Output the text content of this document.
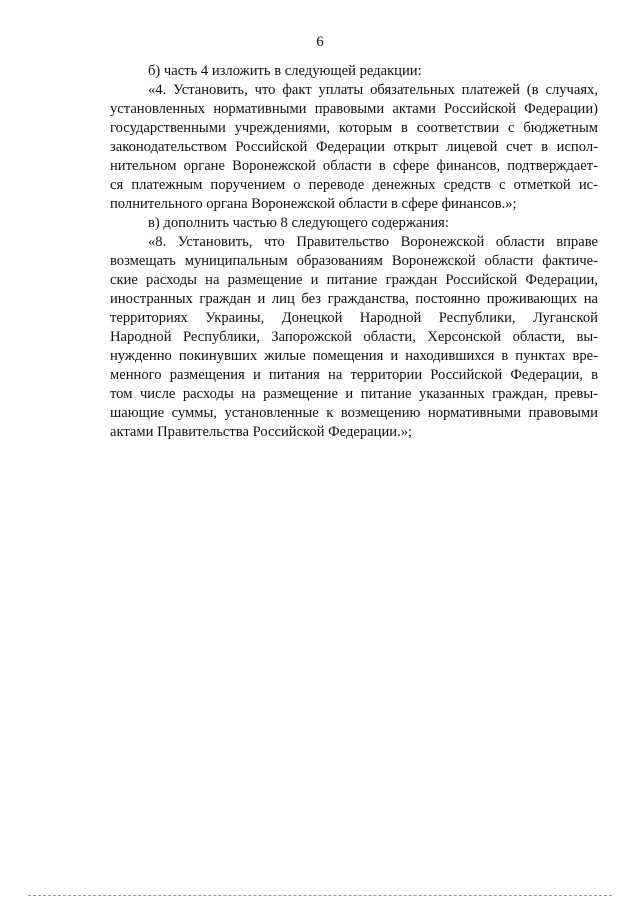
6
б) часть 4 изложить в следующей редакции:
«4. Установить, что факт уплаты обязательных платежей (в случаях,
установленных нормативными правовыми актами Российской Федерации)
государственными учреждениями, которым в соответствии с бюджетным
законодательством Российской Федерации открыт лицевой счет в испол-
нительном органе Воронежской области в сфере финансов, подтверждает-
ся платежным поручением о переводе денежных средств с отметкой ис-
полнительного органа Воронежской области в сфере финансов.»;
в) дополнить частью 8 следующего содержания:
«8. Установить, что Правительство Воронежской области вправе
возмещать муниципальным образованиям Воронежской области фактиче-
ские расходы на размещение и питание граждан Российской Федерации,
иностранных граждан и лиц без гражданства, постоянно проживающих на
территориях Украины, Донецкой Народной Республики, Луганской
Народной Республики, Запорожской области, Херсонской области, вы-
нужденно покинувших жилые помещения и находившихся в пунктах вре-
менного размещения и питания на территории Российской Федерации, в
том числе расходы на размещение и питание указанных граждан, превы-
шающие суммы, установленные к возмещению нормативными правовыми
актами Правительства Российской Федерации.»;
